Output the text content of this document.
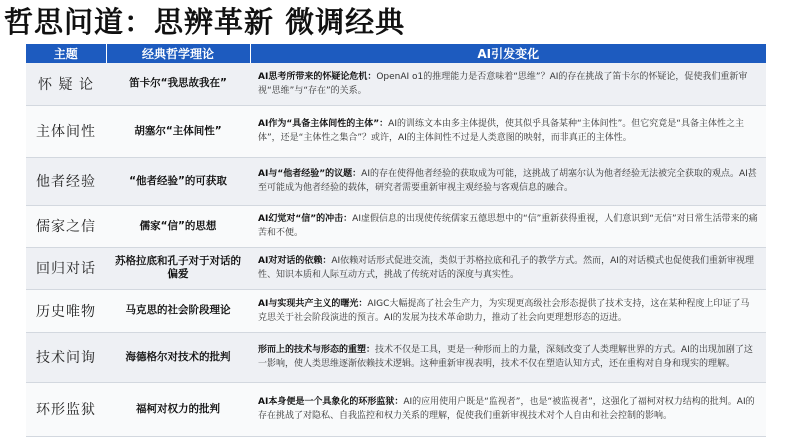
哲思问道：思辨革新 微调经典
主题	经典哲学理论	AI引发变化
怀 疑 论	笛卡尔“我思故我在”	AI思考所带来的怀疑论危机：OpenAI o1的推理能力是否意味着“思维”？AI的存在挑战了笛卡尔的怀疑论，促使我们重新审视“思维”与“存在”的关系。
主体间性	胡塞尔“主体间性”	AI作为“具备主体间性的主体”：AI的训练文本由多主体提供，使其似乎具备某种“主体间性”。但它究竟是“具备主体性之主体”，还是“主体性之集合”？或许，AI的主体间性不过是人类意图的映射，而非真正的主体性。
他者经验	“他者经验”的可获取	AI与“他者经验”的议题：AI的存在使得他者经验的获取成为可能，这挑战了胡塞尔认为他者经验无法被完全获取的观点。AI甚至可能成为他者经验的载体，研究者需要重新审视主观经验与客观信息的融合。
儒家之信	儒家“信”的思想	AI幻觉对“信”的冲击：AI虚假信息的出现使传统儒家五德思想中的“信”重新获得重视，人们意识到“无信”对日常生活带来的痛苦和不便。
回归对话	苏格拉底和孔子对于对话的偏爱	AI对对话的依赖：AI依赖对话形式促进交流，类似于苏格拉底和孔子的教学方式。然而，AI的对话模式也促使我们重新审视理性、知识本质和人际互动方式，挑战了传统对话的深度与真实性。
历史唯物	马克思的社会阶段理论	AI与实现共产主义的曙光：AIGC大幅提高了社会生产力，为实现更高级社会形态提供了技术支持，这在某种程度上印证了马克思关于社会阶段演进的预言。AI的发展为技术革命助力，推动了社会向更理想形态的迈进。
技术问询	海德格尔对技术的批判	形而上的技术与形态的重塑：技术不仅是工具，更是一种形而上的力量，深刻改变了人类理解世界的方式。AI的出现加剧了这一影响，使人类思维逐渐依赖技术逻辑。这种重新审视表明，技术不仅在塑造认知方式，还在重构对自身和现实的理解。
环形监狱	福柯对权力的批判	AI本身便是一个具象化的环形监狱：AI的应用使用户既是“监视者”，也是“被监视者”，这强化了福柯对权力结构的批判。AI的存在挑战了对隐私、自我监控和权力关系的理解，促使我们重新审视技术对个人自由和社会控制的影响。
